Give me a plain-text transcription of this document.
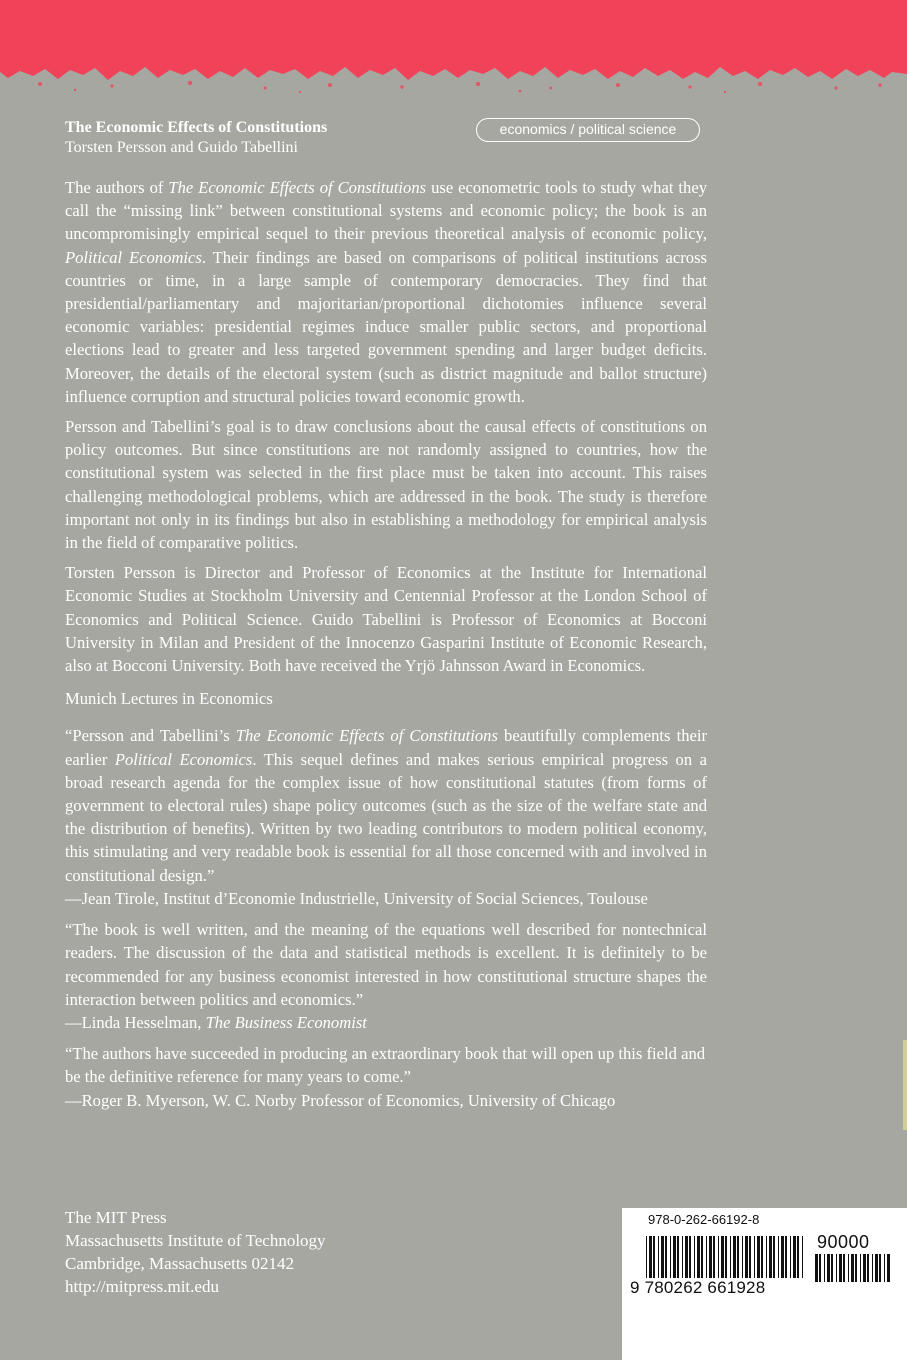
The Economic Effects of Constitutions
Torsten Persson and Guido Tabellini
economics / political science

The authors of The Economic Effects of Constitutions use econometric tools to study what they call the “missing link” between constitutional systems and economic policy; the book is an uncompromisingly empirical sequel to their previous theoretical analysis of economic policy, Political Economics. Their findings are based on comparisons of political institutions across countries or time, in a large sample of contemporary democracies. They find that presidential/parliamentary and majoritarian/proportional dichotomies influence several economic variables: presidential regimes induce smaller public sectors, and proportional elections lead to greater and less targeted government spending and larger budget deficits. Moreover, the details of the electoral system (such as district magnitude and ballot structure) influence corruption and structural policies toward economic growth.

Persson and Tabellini’s goal is to draw conclusions about the causal effects of constitutions on policy outcomes. But since constitutions are not randomly assigned to countries, how the constitutional system was selected in the first place must be taken into account. This raises challenging methodological problems, which are addressed in the book. The study is therefore important not only in its findings but also in establishing a methodology for empirical analysis in the field of comparative politics.

Torsten Persson is Director and Professor of Economics at the Institute for International Economic Studies at Stockholm University and Centennial Professor at the London School of Economics and Political Science. Guido Tabellini is Professor of Economics at Bocconi University in Milan and President of the Innocenzo Gasparini Institute of Economic Research, also at Bocconi University. Both have received the Yrjö Jahnsson Award in Economics.

Munich Lectures in Economics

“Persson and Tabellini’s The Economic Effects of Constitutions beautifully complements their earlier Political Economics. This sequel defines and makes serious empirical progress on a broad research agenda for the complex issue of how constitutional statutes (from forms of government to electoral rules) shape policy outcomes (such as the size of the welfare state and the distribution of benefits). Written by two leading contributors to modern political economy, this stimulating and very readable book is essential for all those concerned with and involved in constitutional design.”
—Jean Tirole, Institut d’Economie Industrielle, University of Social Sciences, Toulouse

“The book is well written, and the meaning of the equations well described for nontechnical readers. The discussion of the data and statistical methods is excellent. It is definitely to be recommended for any business economist interested in how constitutional structure shapes the interaction between politics and economics.”
—Linda Hesselman, The Business Economist

“The authors have succeeded in producing an extraordinary book that will open up this field and be the definitive reference for many years to come.”
—Roger B. Myerson, W. C. Norby Professor of Economics, University of Chicago

The MIT Press
Massachusetts Institute of Technology
Cambridge, Massachusetts 02142
http://mitpress.mit.edu
978-0-262-66192-8
9 780262 661928
90000
